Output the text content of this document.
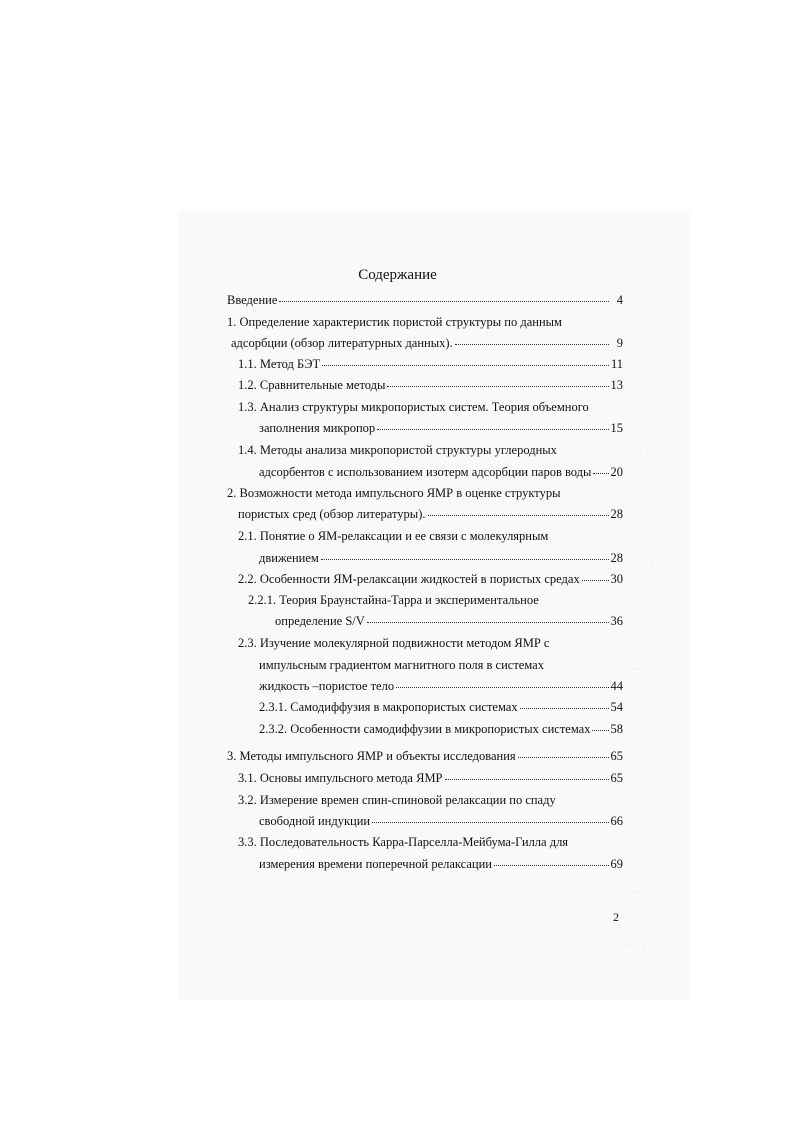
Содержание
Введение	4
1. Определение характеристик пористой структуры по данным
адсорбции (обзор литературных данных).	9
1.1. Метод БЭТ	11
1.2. Сравнительные методы	13
1.3. Анализ структуры микропористых систем. Теория объемного
заполнения микропор	15
1.4. Методы анализа микропористой структуры углеродных
адсорбентов с использованием изотерм адсорбции паров воды 20
2. Возможности метода импульсного ЯМР в оценке структуры
пористых сред (обзор литературы).	28
2.1. Понятие о ЯМ-релаксации и ее связи с молекулярным
движением	28
2.2. Особенности ЯМ-релаксации жидкостей в пористых средах 30
2.2.1. Теория Браунстайна-Тарра и экспериментальное
определение S/V	36
2.3. Изучение молекулярной подвижности методом ЯМР с
импульсным градиентом магнитного поля в системах
жидкость –пористое тело	44
2.3.1. Самодиффузия в макропористых системах	54
2.3.2. Особенности самодиффузии в микропористых системах 58
3. Методы импульсного ЯМР и объекты исследования	65
3.1. Основы импульсного метода ЯМР	65
3.2. Измерение времен спин-спиновой релаксации по спаду
свободной индукции	66
3.3. Последовательность Карра-Парселла-Мейбума-Гилла для
измерения времени поперечной релаксации	69
2
· ·· ·
· ·
· ·· ·
· ·
·· · ·
· ·
· ·· ·
· ·
· ·· ·
·· · ·
